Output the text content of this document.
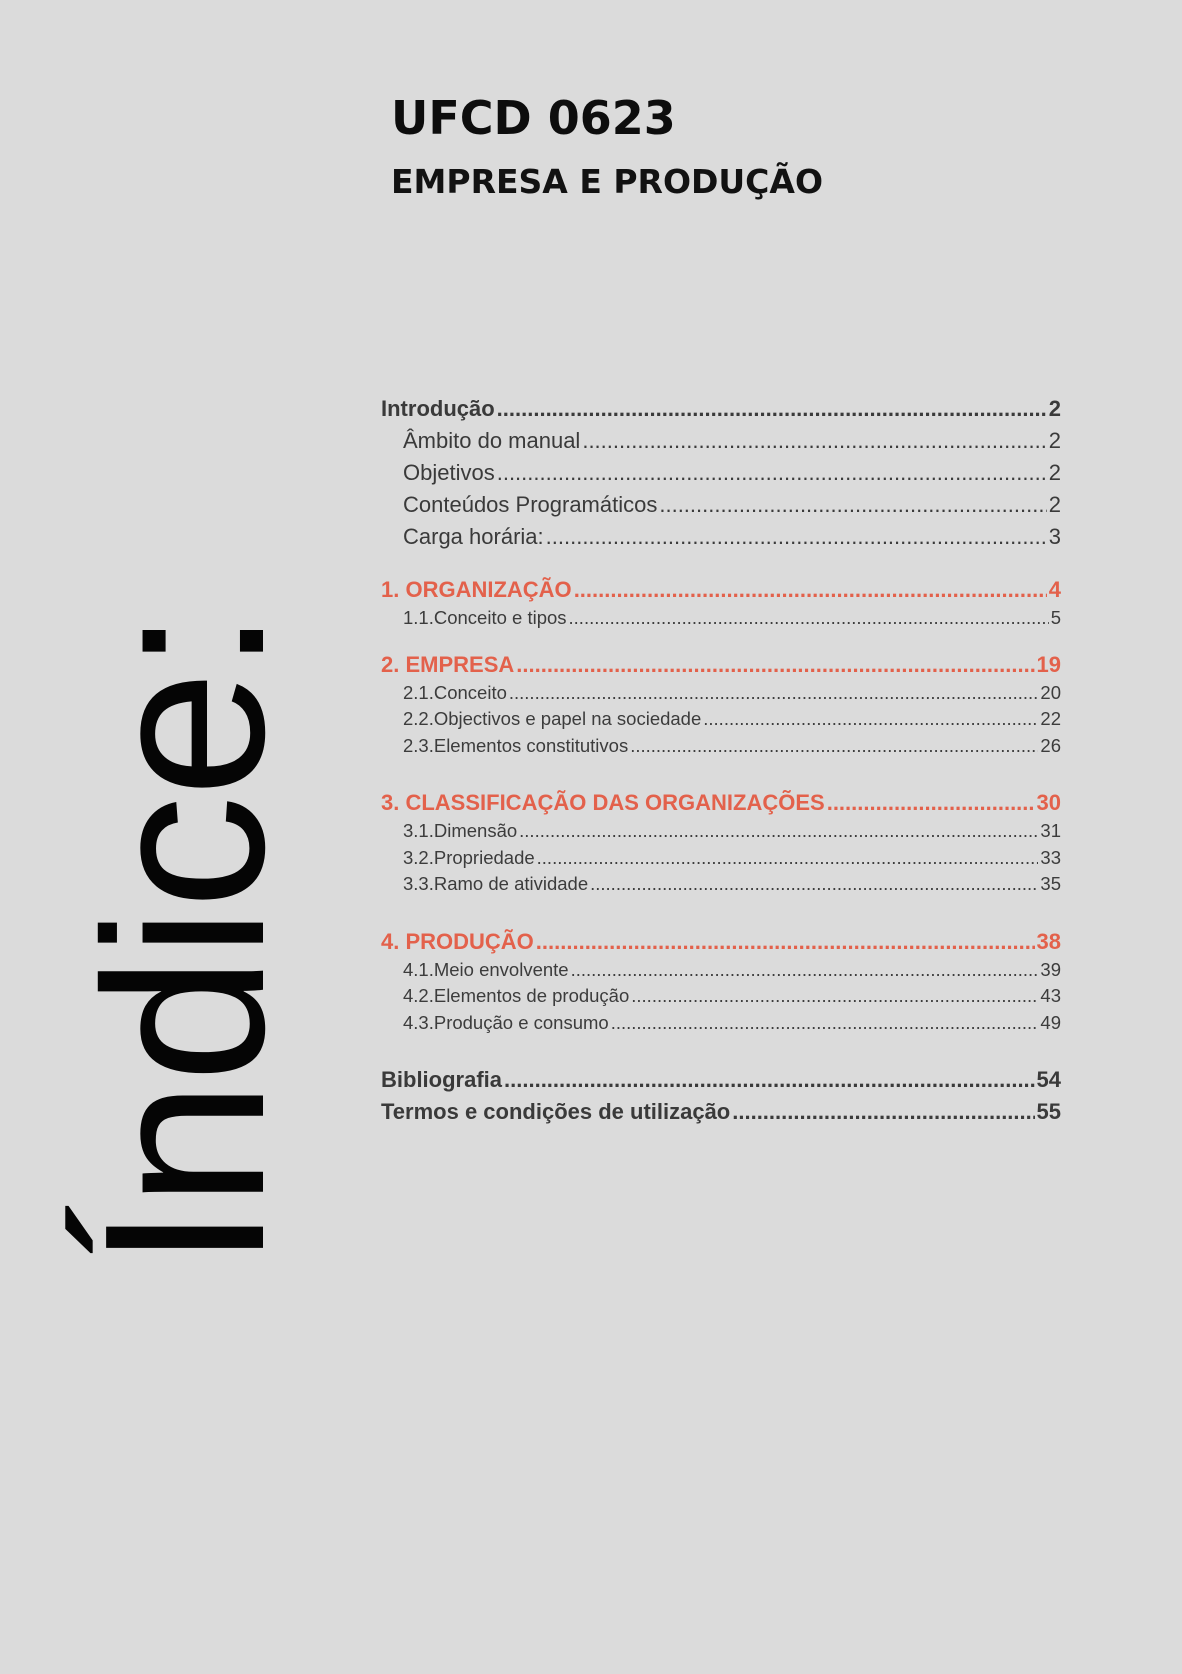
UFCD 0623
EMPRESA E PRODUÇÃO
Índice:
Introdução .....	2
Âmbito do manual .....	2
Objetivos .....	2
Conteúdos Programáticos .....	2
Carga horária: .....	3
1. ORGANIZAÇÃO .....	4
1.1.Conceito e tipos .....	5
2. EMPRESA .....	19
2.1.Conceito .....	20
2.2.Objectivos e papel na sociedade .....	22
2.3.Elementos constitutivos .....	26
3. CLASSIFICAÇÃO DAS ORGANIZAÇÕES .....	30
3.1.Dimensão .....	31
3.2.Propriedade .....	33
3.3.Ramo de atividade .....	35
4. PRODUÇÃO .....	38
4.1.Meio envolvente .....	39
4.2.Elementos de produção .....	43
4.3.Produção e consumo .....	49
Bibliografia .....	54
Termos e condições de utilização .....	55
